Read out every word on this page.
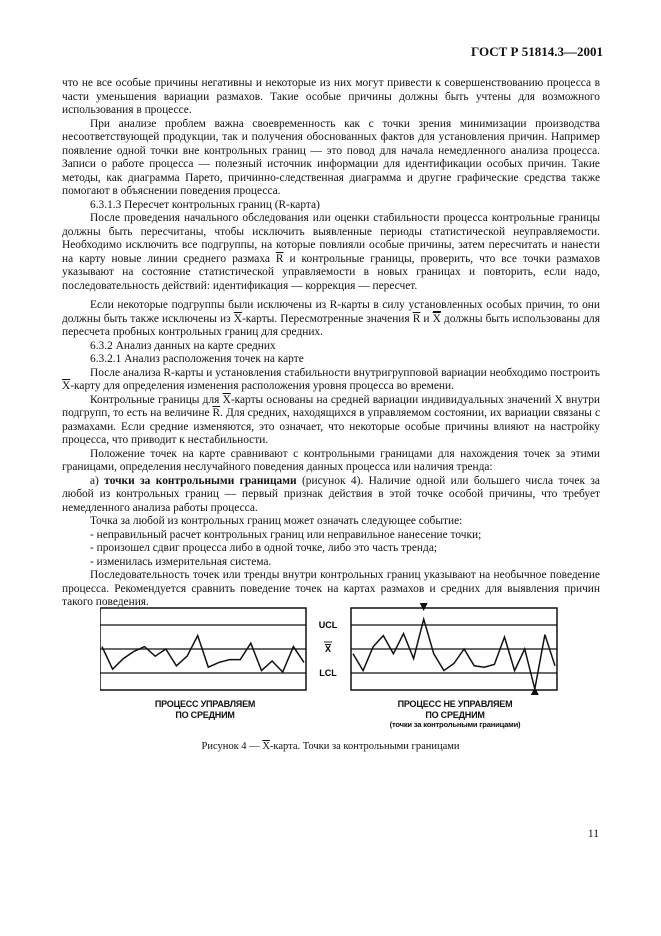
ГОСТ Р 51814.3—2001

что не все особые причины негативны и некоторые из них могут привести к совершенствованию процесса в части уменьшения вариации размахов. Такие особые причины должны быть учтены для возможного использования в процессе.

При анализе проблем важна своевременность как с точки зрения минимизации производства несоответствующей продукции, так и получения обоснованных фактов для установления причин. Например появление одной точки вне контрольных границ — это повод для начала немедленного анализа процесса. Записи о работе процесса — полезный источник информации для идентификации особых причин. Такие методы, как диаграмма Парето, причинно-следственная диаграмма и другие графические средства также помогают в объяснении поведения процесса.

6.3.1.3 Пересчет контрольных границ (R-карта)

После проведения начального обследования или оценки стабильности процесса контрольные границы должны быть пересчитаны, чтобы исключить выявленные периоды статистической неуправляемости. Необходимо исключить все подгруппы, на которые повлияли особые причины, затем пересчитать и нанести на карту новые линии среднего размаха $\overline{R}$ и контрольные границы, проверить, что все точки размахов указывают на состояние статистической управляемости в новых границах и повторить, если надо, последовательность действий: идентификация — коррекция — пересчет.

Если некоторые подгруппы были исключены из R-карты в силу установленных особых причин, то они должны быть также исключены из $\overline{X}$-карты. Пересмотренные значения $\overline{R}$ и $\overline{X}$ должны быть использованы для пересчета пробных контрольных границ для средних.

6.3.2 Анализ данных на карте средних

6.3.2.1 Анализ расположения точек на карте

После анализа R-карты и установления стабильности внутригрупповой вариации необходимо построить $\overline{X}$-карту для определения изменения расположения уровня процесса во времени.

Контрольные границы для $\overline{X}$-карты основаны на средней вариации индивидуальных значений X внутри подгрупп, то есть на величине $\overline{R}$. Для средних, находящихся в управляемом состоянии, их вариации связаны с размахами. Если средние изменяются, это означает, что некоторые особые причины влияют на настройку процесса, что приводит к нестабильности.

Положение точек на карте сравнивают с контрольными границами для нахождения точек за этими границами, определения неслучайного поведения данных процесса или наличия тренда:

а) точки за контрольными границами (рисунок 4). Наличие одной или большего числа точек за любой из контрольных границ — первый признак действия в этой точке особой причины, что требует немедленного анализа работы процесса.

Точка за любой из контрольных границ может означать следующее событие:

- неправильный расчет контрольных границ или неправильное нанесение точки;

- произошел сдвиг процесса либо в одной точке, либо это часть тренда;

- изменилась измерительная система.

Последовательность точек или тренды внутри контрольных границ указывают на необычное поведение процесса. Рекомендуется сравнить поведение точек на картах размахов и средних для выявления причин такого поведения.

UCL
X
LCL
ПРОЦЕСС УПРАВЛЯЕМ
ПО СРЕДНИМ
ПРОЦЕСС НЕ УПРАВЛЯЕМ
ПО СРЕДНИМ
(точки за контрольными границами)
Рисунок 4 — $\overline{X}$-карта. Точки за контрольными границами

11
